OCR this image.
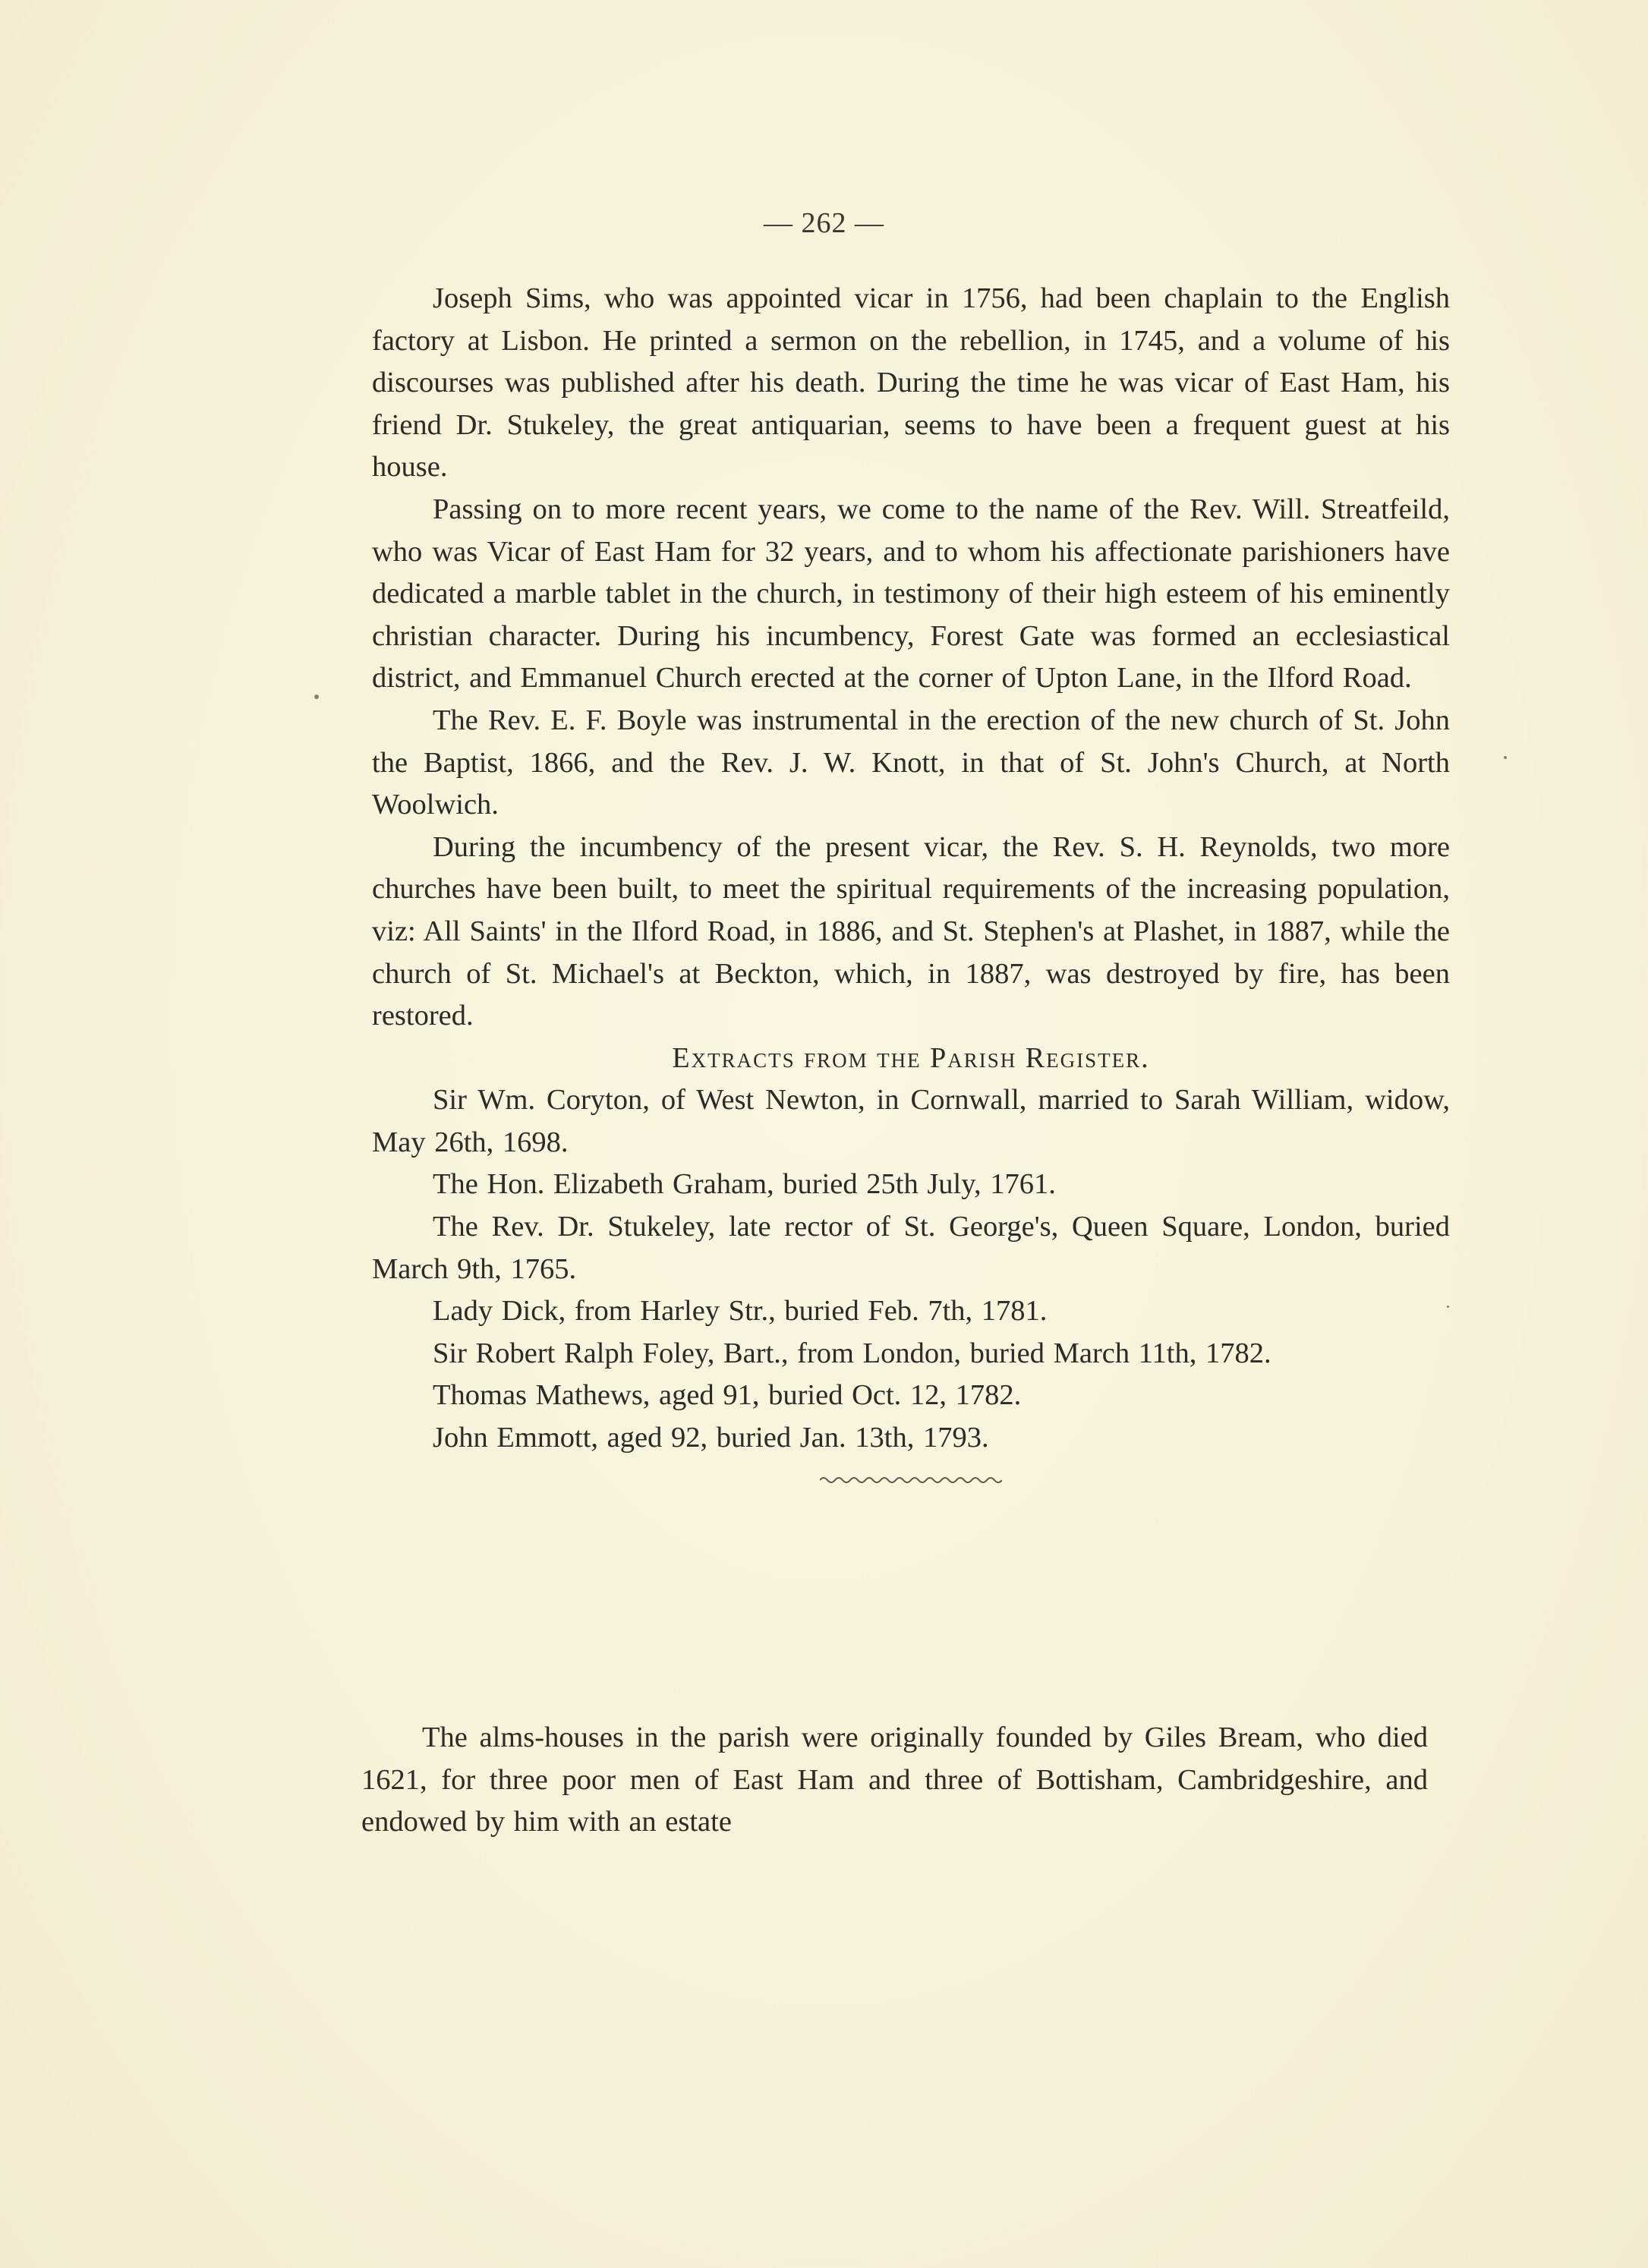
— 262 —

Joseph Sims, who was appointed vicar in 1756, had been chaplain to the English factory at Lisbon. He printed a sermon on the rebellion, in 1745, and a volume of his discourses was published after his death. During the time he was vicar of East Ham, his friend Dr. Stukeley, the great antiquarian, seems to have been a frequent guest at his house.

Passing on to more recent years, we come to the name of the Rev. Will. Streatfeild, who was Vicar of East Ham for 32 years, and to whom his affectionate parishioners have dedicated a marble tablet in the church, in testimony of their high esteem of his eminently christian character. During his incumbency, Forest Gate was formed an ecclesiastical district, and Emmanuel Church erected at the corner of Upton Lane, in the Ilford Road.

The Rev. E. F. Boyle was instrumental in the erection of the new church of St. John the Baptist, 1866, and the Rev. J. W. Knott, in that of St. John's Church, at North Woolwich.

During the incumbency of the present vicar, the Rev. S. H. Reynolds, two more churches have been built, to meet the spiritual requirements of the increasing population, viz: All Saints' in the Ilford Road, in 1886, and St. Stephen's at Plashet, in 1887, while the church of St. Michael's at Beckton, which, in 1887, was destroyed by fire, has been restored.

Extracts from the Parish Register.

Sir Wm. Coryton, of West Newton, in Cornwall, married to Sarah William, widow, May 26th, 1698.

The Hon. Elizabeth Graham, buried 25th July, 1761.

The Rev. Dr. Stukeley, late rector of St. George's, Queen Square, London, buried March 9th, 1765.

Lady Dick, from Harley Str., buried Feb. 7th, 1781.

Sir Robert Ralph Foley, Bart., from London, buried March 11th, 1782.

Thomas Mathews, aged 91, buried Oct. 12, 1782.

John Emmott, aged 92, buried Jan. 13th, 1793.

The alms-houses in the parish were originally founded by Giles Bream, who died 1621, for three poor men of East Ham and three of Bottisham, Cambridgeshire, and endowed by him with an estate
